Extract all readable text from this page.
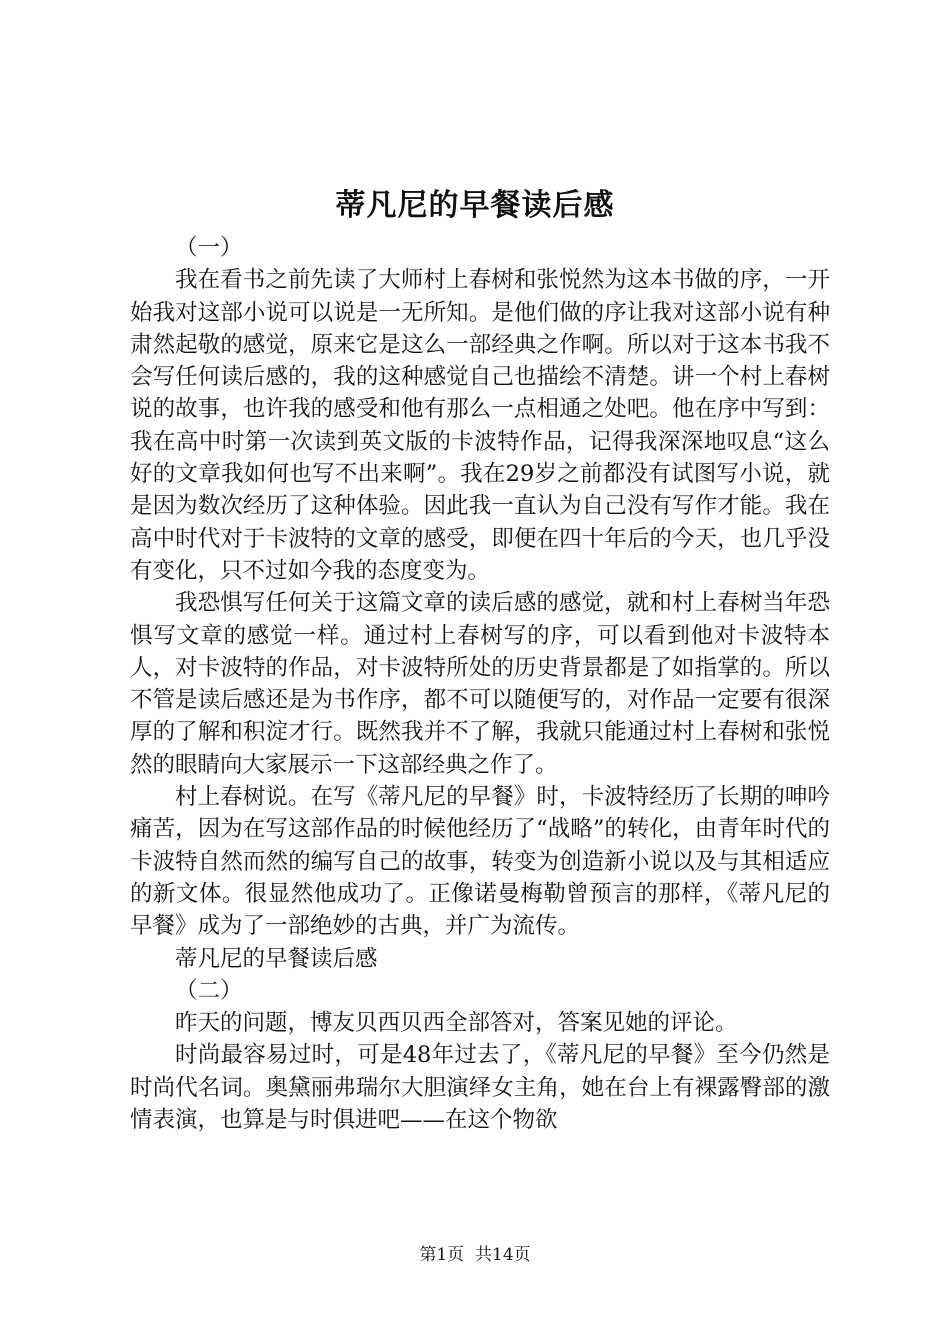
蒂凡尼的早餐读后感

（一）

我在看书之前先读了大师村上春树和张悦然为这本书做的序，一开始我对这部小说可以说是一无所知。是他们做的序让我对这部小说有种肃然起敬的感觉，原来它是这么一部经典之作啊。所以对于这本书我不会写任何读后感的，我的这种感觉自己也描绘不清楚。讲一个村上春树说的故事，也许我的感受和他有那么一点相通之处吧。他在序中写到：我在高中时第一次读到英文版的卡波特作品，记得我深深地叹息“这么好的文章我如何也写不出来啊”。我在29岁之前都没有试图写小说，就是因为数次经历了这种体验。因此我一直认为自己没有写作才能。我在高中时代对于卡波特的文章的感受，即便在四十年后的今天，也几乎没有变化，只不过如今我的态度变为。

我恐惧写任何关于这篇文章的读后感的感觉，就和村上春树当年恐惧写文章的感觉一样。通过村上春树写的序，可以看到他对卡波特本人，对卡波特的作品，对卡波特所处的历史背景都是了如指掌的。所以不管是读后感还是为书作序，都不可以随便写的，对作品一定要有很深厚的了解和积淀才行。既然我并不了解，我就只能通过村上春树和张悦然的眼睛向大家展示一下这部经典之作了。

村上春树说。在写《蒂凡尼的早餐》时，卡波特经历了长期的呻吟痛苦，因为在写这部作品的时候他经历了“战略”的转化，由青年时代的卡波特自然而然的编写自己的故事，转变为创造新小说以及与其相适应的新文体。很显然他成功了。正像诺曼梅勒曾预言的那样，《蒂凡尼的早餐》成为了一部绝妙的古典，并广为流传。

蒂凡尼的早餐读后感

（二）

昨天的问题，博友贝西贝西全部答对，答案见她的评论。

时尚最容易过时，可是48年过去了，《蒂凡尼的早餐》至今仍然是时尚代名词。奥黛丽弗瑞尔大胆演绎女主角，她在台上有裸露臀部的激情表演，也算是与时俱进吧——在这个物欲

第1页 共14页
